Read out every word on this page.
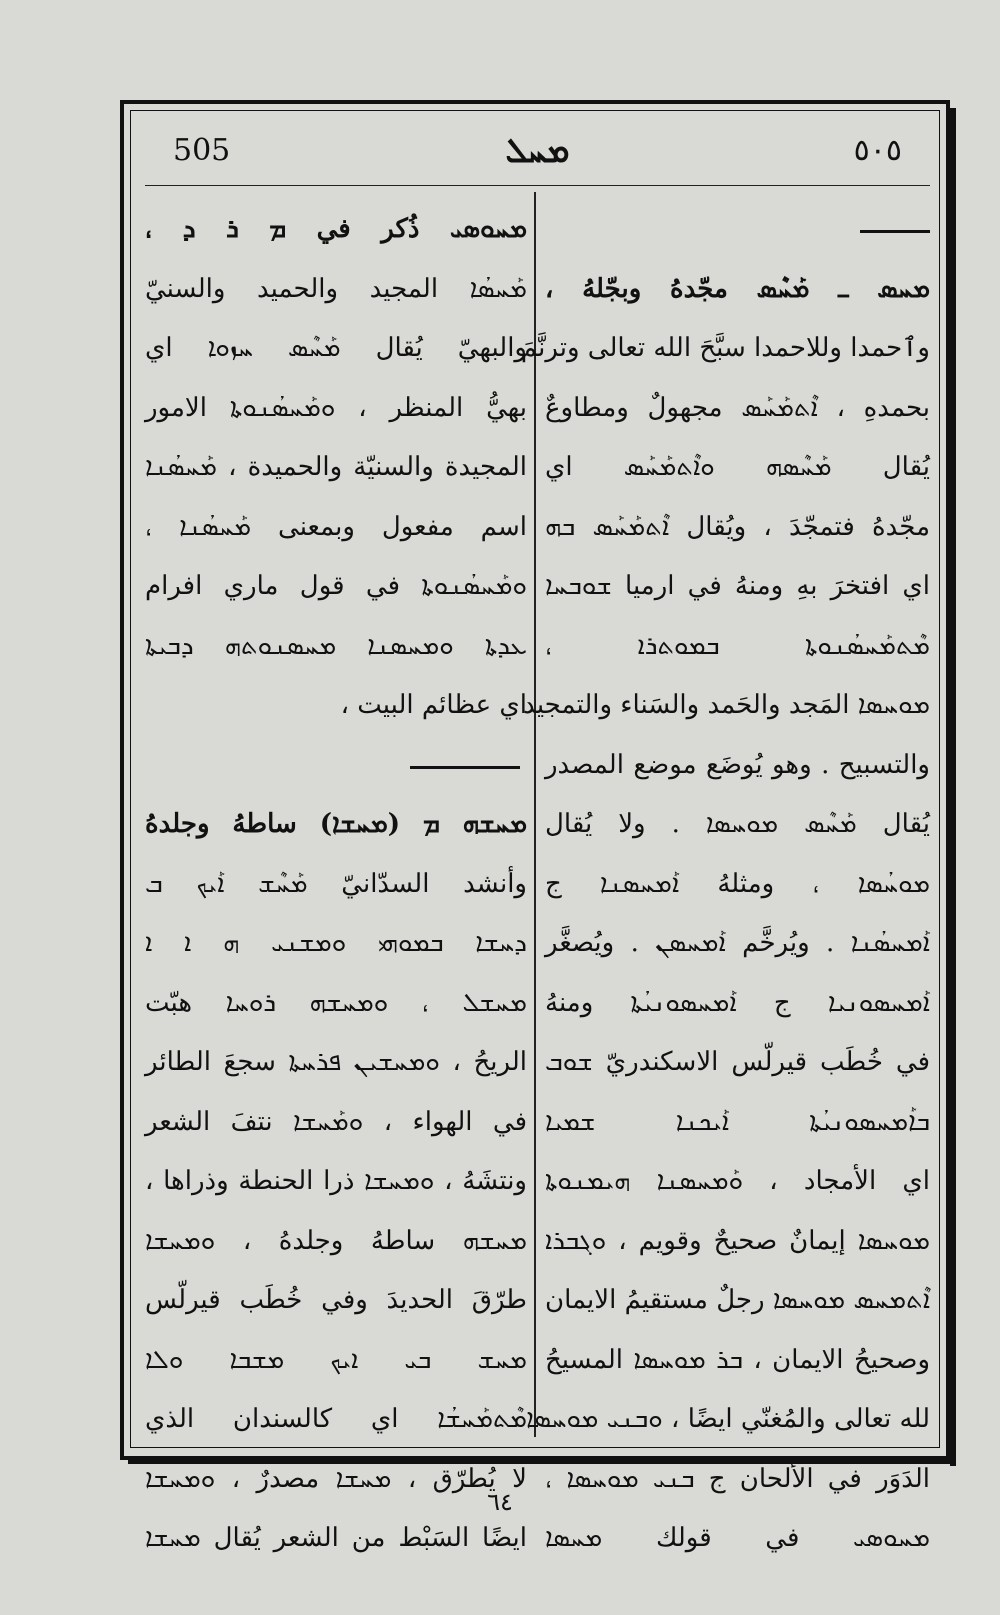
505	ܡܚܠ	٥٠٥
ܡܚܣ ـ ܡܰܚܶܣ مجّدهُ وبجّلهُ ،
وٱحمدا وللاحمدا سبَّحَ الله تعالى وترنَّمَ
بحمدهِ ، ܐܶܬܡܰܚܰܣ مجهولٌ ومطاوعٌ
يُقال ܡܰܚܶܣܗ ܘܐܶܬܡܰܚܰܣ اي
مجّدهُ فتمجّدَ ، ويُقال ܐܶܬܡܰܚܰܣ ܒܗ
اي افتخرَ بهِ ومنهُ في ارميا ܫܘܒܚܐ
ܡܶܬܡܰܚܣܳܢܘܬܐ ܒܡܘܬܪܐ ،
ܡܘܚܣܐ المَجد والحَمد والسَناء والتمجيد
والتسبيح . وهو يُوضَع موضع المصدر
يُقال ܡܰܚܶܣ ܡܘܚܣܐ . ولا يُقال
ܡܘܚܳܣܐ ، ومثلهُ ܐܰܡܚܣܢܐ ج
ܐܰܡܚܣܳܢܐ . ويُرخَّم ܐܰܡܚܣܢ . ويُصغَّر
ܐܰܡܚܣܘܢܝܐ ج ܐܰܡܚܣܘܢܝܳܬܐ ومنهُ
في خُطَب قيرلّس الاسكندريّ ܫܘܒ
ܒܐܰܡܚܣܘܢܝܳܬܐ ܐܰܝܟܢܐ ܫܡܝܐ
اي الأمجاد ، ܘܰܡܚܣܢܐ ܗܝܡܢܘܬܐ
ܡܘܚܣܐ إيمانٌ صحيحٌ وقويم ، ܘܓܒܪܐ
ܐܶܬܡܚܣ ܡܘܚܣܐ رجلٌ مستقيمُ الايمان
وصحيحُ الايمان ، ܒܪ ܡܘܚܣܐ المسيحُ
لله تعالى والمُغنّي ايضًا ، ܘܒܢܝ ܡܘܚܣܐ
الدَوَر في الألحان ج ܒܢܝ ܡܘܚܣܐ ،
ܡܚܘܣܝ في قولك ܡܚܣܐ
ܡܚܘܣܝ ذُكر في ܡ ܪ ܕ ،
ܡܰܚܣܳܐ المجيد والحميد والسنيّ
والبهيّ يُقال ܡܰܚܶܣ ܚܙܘܐ اي
بهيُّ المنظر ، ܘܡܰܚܣܳܢܘܬܐ الامور
المجيدة والسنيّة والحميدة ، ܡܰܚܣܳܢܐ
اسم مفعول وبمعنى ܡܰܚܣܳܢܐ ،
ܘܡܰܚܣܳܢܘܬܐ في قول ماري افرام
ܥܕܬܐ ܘܡܚܣܢܐ ܡܚܣܢܘܬܗ ܕܒܝܬܐ
اي عظائم البيت ،
ܡܚܫܗ ܡ (ܡܚܫܐ) ساطهُ وجلدهُ
وأنشد السدّانيّ ܡܰܚܶܫ ܐܰܝܟ ܒ
ܕܚܫܐ ܒܡܘܗܝ ܘܡܫܢܝ ܗ ܐ ܐ
ܡܚܫܠ ، ܘܡܚܫܗ ܪܘܚܐ هبّت
الريحُ ، ܘܡܚܫܝܢ ܦܪܚܬܐ سجعَ الطائر
في الهواء ، ܘܡܰܚܫܐ نتفَ الشعر
ونتشَهُ ، ܘܡܚܫܐ ذرا الحنطة وذراها ،
ܡܚܫܗ ساطهُ وجلدهُ ، ܘܡܚܫܐ
طرّقَ الحديدَ وفي خُطَب قيرلّس
ܡܚܫ ܒܝ ܐܝܟ ܡܫܒܐ ܘܠܐ
ܡܶܬܡܰܚܫܳܐ اي كالسندان الذي
لا يُطرّق ، ܡܚܫܐ مصدرٌ ، ܘܡܚܫܐ
ايضًا السَبْط من الشعر يُقال ܡܚܫܐ
٦٤
